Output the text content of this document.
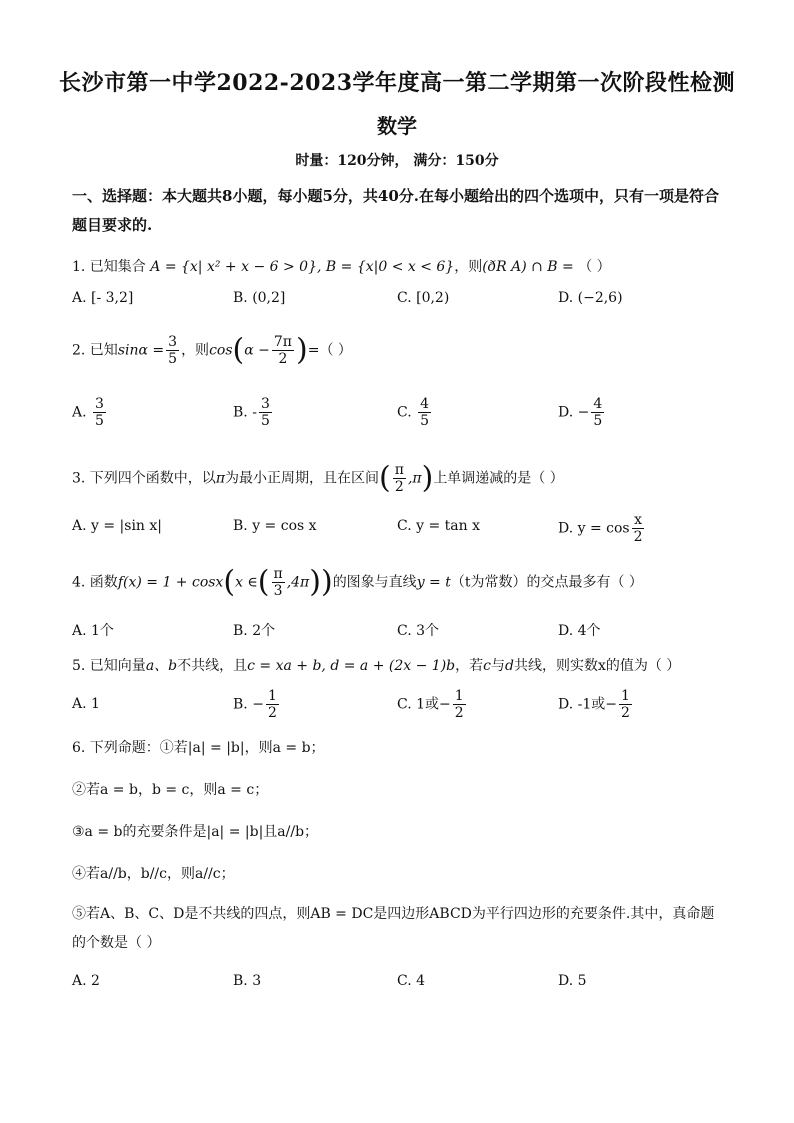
长沙市第一中学2022-2023学年度高一第二学期第一次阶段性检测
数学
时量：120分钟， 满分：150分
一、选择题：本大题共8小题，每小题5分，共40分.在每小题给出的四个选项中，只有一项是符合题目要求的.
1. 已知集合 A = {x| x² + x − 6 > 0}, B = {x|0 < x < 6}，则(ðR A) ∩ B = （ ）
A. [- 3,2]	B. (0,2]	C. [0,2)	D. (−2,6)
2. 已知$\sin\alpha = \frac{3}{5}$ ，则$\cos(\alpha - \frac{7\pi}{2}$ )=（ ）
A. $\frac{3}{5}$	B. - $\frac{3}{5}$	C. $\frac{4}{5}$	D. − $\frac{4}{5}$
3. 下列四个函数中，以π为最小正周期，且在区间( $\frac{\pi}{2} ,\pi$)上单调递减的是（ ）
A. y = |sin x|	B. y = cos x	C. y = tan x	D. $y = \cos \frac{x}{2}$
4. 函数f(x) = 1 + cosx(x ∈( $\frac{\pi}{3} ,4\pi$))的图象与直线y = t（t为常数）的交点最多有（ ）
A. 1个	B. 2个	C. 3个	D. 4个
5. 已知向量a、b不共线，且c = xa + b, d = a + (2x − 1)b，若c与d共线，则实数x的值为（ ）
A. 1	B. − $\frac{1}{2}$	C. 1或− $\frac{1}{2}$	D. -1或− $\frac{1}{2}$
6. 下列命题：①若|a| = |b|，则a = b；
②若a = b，b = c，则a = c；
③a = b的充要条件是|a| = |b|且a//b；
④若a//b，b//c，则a//c；
⑤若A、B、C、D是不共线的四点，则AB = DC是四边形ABCD为平行四边形的充要条件.其中，真命题的个数是（ ）
A. 2	B. 3	C. 4	D. 5
